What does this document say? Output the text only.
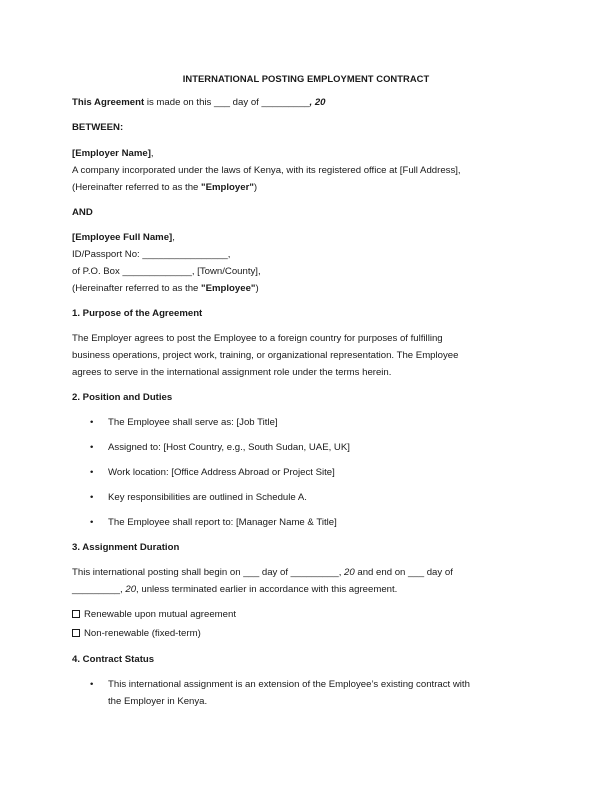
INTERNATIONAL POSTING EMPLOYMENT CONTRACT
This Agreement is made on this ___ day of _________, 20
BETWEEN:
[Employer Name],
A company incorporated under the laws of Kenya, with its registered office at [Full Address],
(Hereinafter referred to as the "Employer")
AND
[Employee Full Name],
ID/Passport No: ________________,
of P.O. Box _____________, [Town/County],
(Hereinafter referred to as the "Employee")
1. Purpose of the Agreement
The Employer agrees to post the Employee to a foreign country for purposes of fulfilling
business operations, project work, training, or organizational representation. The Employee
agrees to serve in the international assignment role under the terms herein.
2. Position and Duties
• The Employee shall serve as: [Job Title]
• Assigned to: [Host Country, e.g., South Sudan, UAE, UK]
• Work location: [Office Address Abroad or Project Site]
• Key responsibilities are outlined in Schedule A.
• The Employee shall report to: [Manager Name & Title]
3. Assignment Duration
This international posting shall begin on ___ day of _________, 20 and end on ___ day of
_________, 20, unless terminated earlier in accordance with this agreement.
Renewable upon mutual agreement
Non-renewable (fixed-term)
4. Contract Status
• This international assignment is an extension of the Employee’s existing contract with
the Employer in Kenya.
